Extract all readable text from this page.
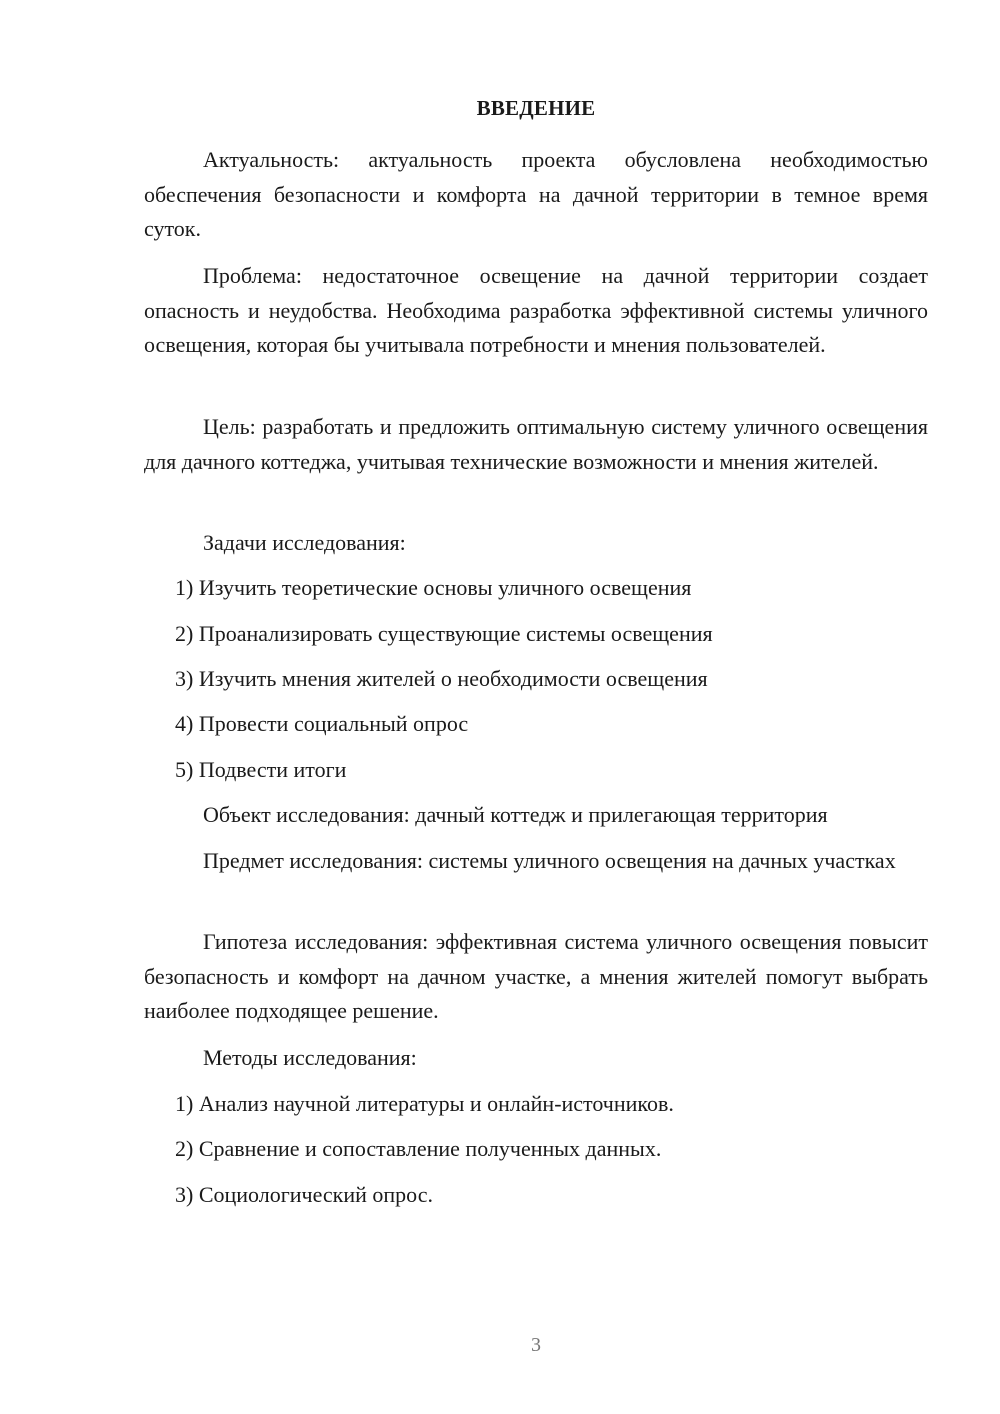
ВВЕДЕНИЕ

Актуальность: актуальность проекта обусловлена необходимостью обеспечения безопасности и комфорта на дачной территории в темное время суток.

Проблема: недостаточное освещение на дачной территории создает опасность и неудобства. Необходима разработка эффективной системы уличного освещения, которая бы учитывала потребности и мнения пользователей.

Цель: разработать и предложить оптимальную систему уличного освещения для дачного коттеджа, учитывая технические возможности и мнения жителей.

Задачи исследования:

1) Изучить теоретические основы уличного освещения

2) Проанализировать существующие системы освещения

3) Изучить мнения жителей о необходимости освещения

4) Провести социальный опрос

5) Подвести итоги

Объект исследования: дачный коттедж и прилегающая территория

Предмет исследования: системы уличного освещения на дачных участках

Гипотеза исследования: эффективная система уличного освещения повысит безопасность и комфорт на дачном участке, а мнения жителей помогут выбрать наиболее подходящее решение.

Методы исследования:

1) Анализ научной литературы и онлайн-источников.

2) Сравнение и сопоставление полученных данных.

3) Социологический опрос.

3
